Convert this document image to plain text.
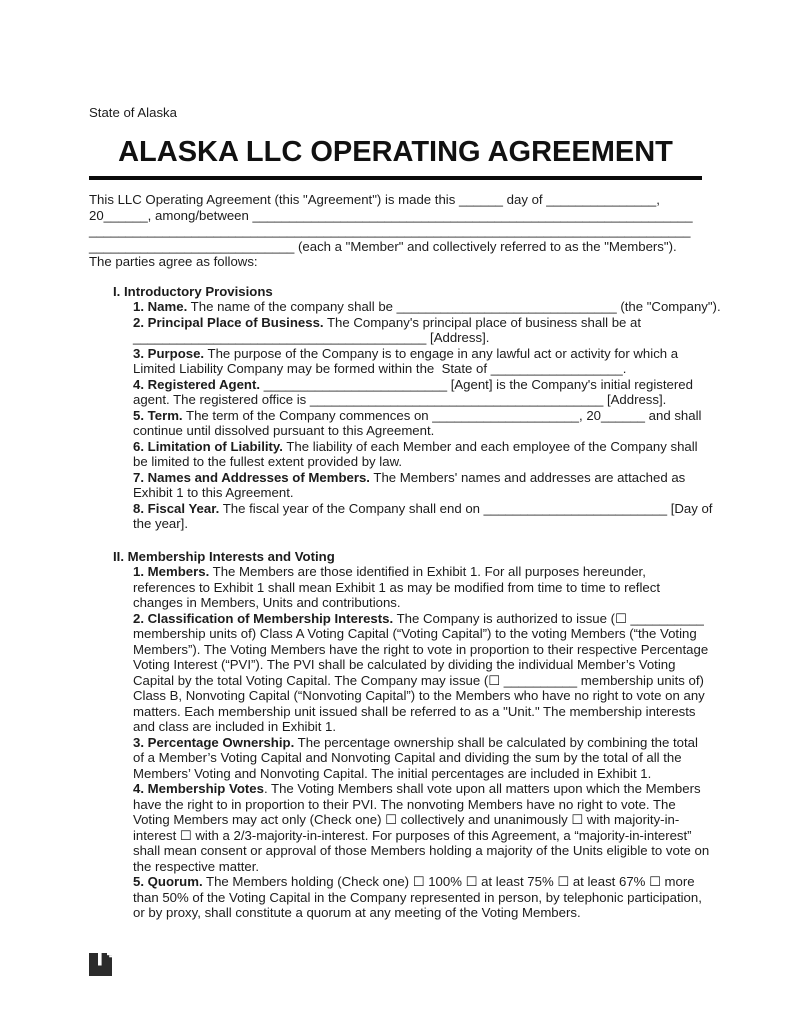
State of Alaska
ALASKA LLC OPERATING AGREEMENT
This LLC Operating Agreement (this "Agreement") is made this ______ day of _______________,
20______, among/between ____________________________________________________________
__________________________________________________________________________________
____________________________ (each a "Member" and collectively referred to as the "Members").
The parties agree as follows:
I. Introductory Provisions
1. Name. The name of the company shall be ______________________________ (the "Company").
2. Principal Place of Business. The Company's principal place of business shall be at
________________________________________ [Address].
3. Purpose. The purpose of the Company is to engage in any lawful act or activity for which a
Limited Liability Company may be formed within the  State of __________________.
4. Registered Agent. _________________________ [Agent] is the Company's initial registered
agent. The registered office is ________________________________________ [Address].
5. Term. The term of the Company commences on ____________________, 20______ and shall
continue until dissolved pursuant to this Agreement.
6. Limitation of Liability. The liability of each Member and each employee of the Company shall
be limited to the fullest extent provided by law.
7. Names and Addresses of Members. The Members' names and addresses are attached as
Exhibit 1 to this Agreement.
8. Fiscal Year. The fiscal year of the Company shall end on _________________________ [Day of
the year].
II. Membership Interests and Voting
1. Members. The Members are those identified in Exhibit 1. For all purposes hereunder,
references to Exhibit 1 shall mean Exhibit 1 as may be modified from time to time to reflect
changes in Members, Units and contributions.
2. Classification of Membership Interests. The Company is authorized to issue (☐ __________
membership units of) Class A Voting Capital (“Voting Capital”) to the voting Members (“the Voting
Members”). The Voting Members have the right to vote in proportion to their respective Percentage
Voting Interest (“PVI”). The PVI shall be calculated by dividing the individual Member’s Voting
Capital by the total Voting Capital. The Company may issue (☐ __________ membership units of)
Class B, Nonvoting Capital (“Nonvoting Capital”) to the Members who have no right to vote on any
matters. Each membership unit issued shall be referred to as a "Unit." The membership interests
and class are included in Exhibit 1.
3. Percentage Ownership. The percentage ownership shall be calculated by combining the total
of a Member’s Voting Capital and Nonvoting Capital and dividing the sum by the total of all the
Members’ Voting and Nonvoting Capital. The initial percentages are included in Exhibit 1.
4. Membership Votes. The Voting Members shall vote upon all matters upon which the Members
have the right to in proportion to their PVI. The nonvoting Members have no right to vote. The
Voting Members may act only (Check one) ☐ collectively and unanimously ☐ with majority-in-
interest ☐ with a 2/3-majority-in-interest. For purposes of this Agreement, a “majority-in-interest”
shall mean consent or approval of those Members holding a majority of the Units eligible to vote on
the respective matter.
5. Quorum. The Members holding (Check one) ☐ 100% ☐ at least 75% ☐ at least 67% ☐ more
than 50% of the Voting Capital in the Company represented in person, by telephonic participation,
or by proxy, shall constitute a quorum at any meeting of the Voting Members.
